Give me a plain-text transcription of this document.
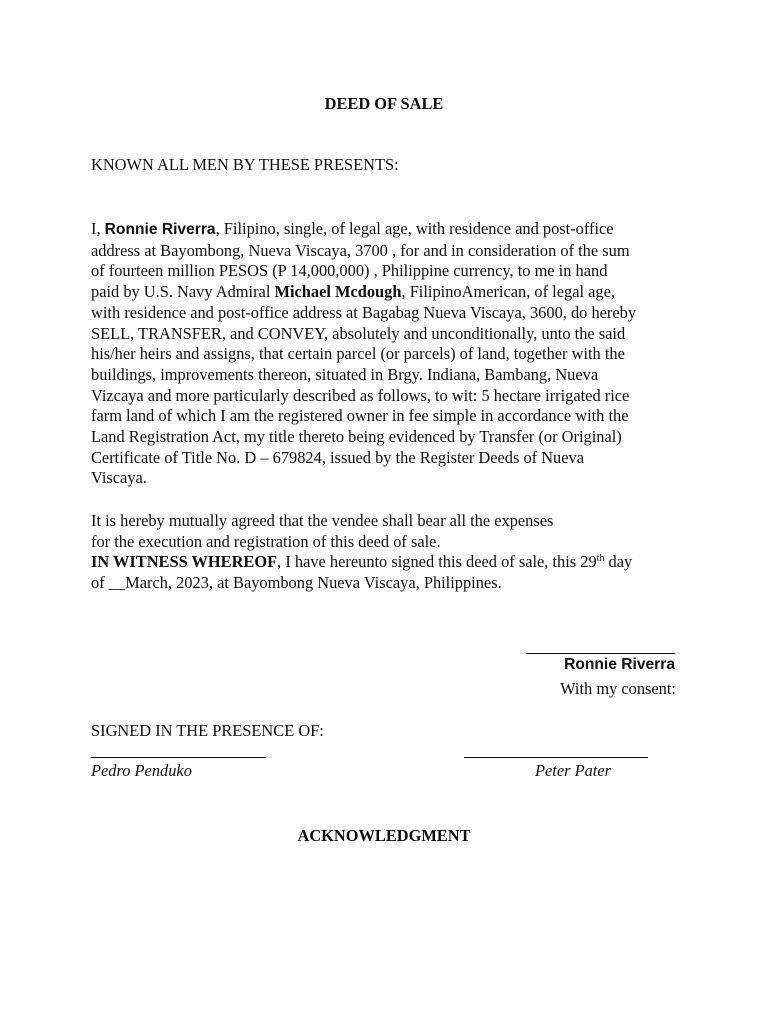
DEED OF SALE
KNOWN ALL MEN BY THESE PRESENTS:
I, Ronnie Riverra, Filipino, single, of legal age, with residence and post-office
address at Bayombong, Nueva Viscaya, 3700 , for and in consideration of the sum
of fourteen million PESOS (P 14,000,000) , Philippine currency, to me in hand
paid by U.S. Navy Admiral Michael Mcdough, FilipinoAmerican, of legal age,
with residence and post-office address at Bagabag Nueva Viscaya, 3600, do hereby
SELL, TRANSFER, and CONVEY, absolutely and unconditionally, unto the said
his/her heirs and assigns, that certain parcel (or parcels) of land, together with the
buildings, improvements thereon, situated in Brgy. Indiana, Bambang, Nueva
Vizcaya and more particularly described as follows, to wit: 5 hectare irrigated rice
farm land of which I am the registered owner in fee simple in accordance with the
Land Registration Act, my title thereto being evidenced by Transfer (or Original)
Certificate of Title No. D – 679824, issued by the Register Deeds of Nueva
Viscaya.
It is hereby mutually agreed that the vendee shall bear all the expenses
for the execution and registration of this deed of sale.
IN WITNESS WHEREOF, I have hereunto signed this deed of sale, this 29th day
of __March, 2023, at Bayombong Nueva Viscaya, Philippines.
Ronnie Riverra
With my consent:
SIGNED IN THE PRESENCE OF:
Pedro Penduko	Peter Pater
ACKNOWLEDGMENT
